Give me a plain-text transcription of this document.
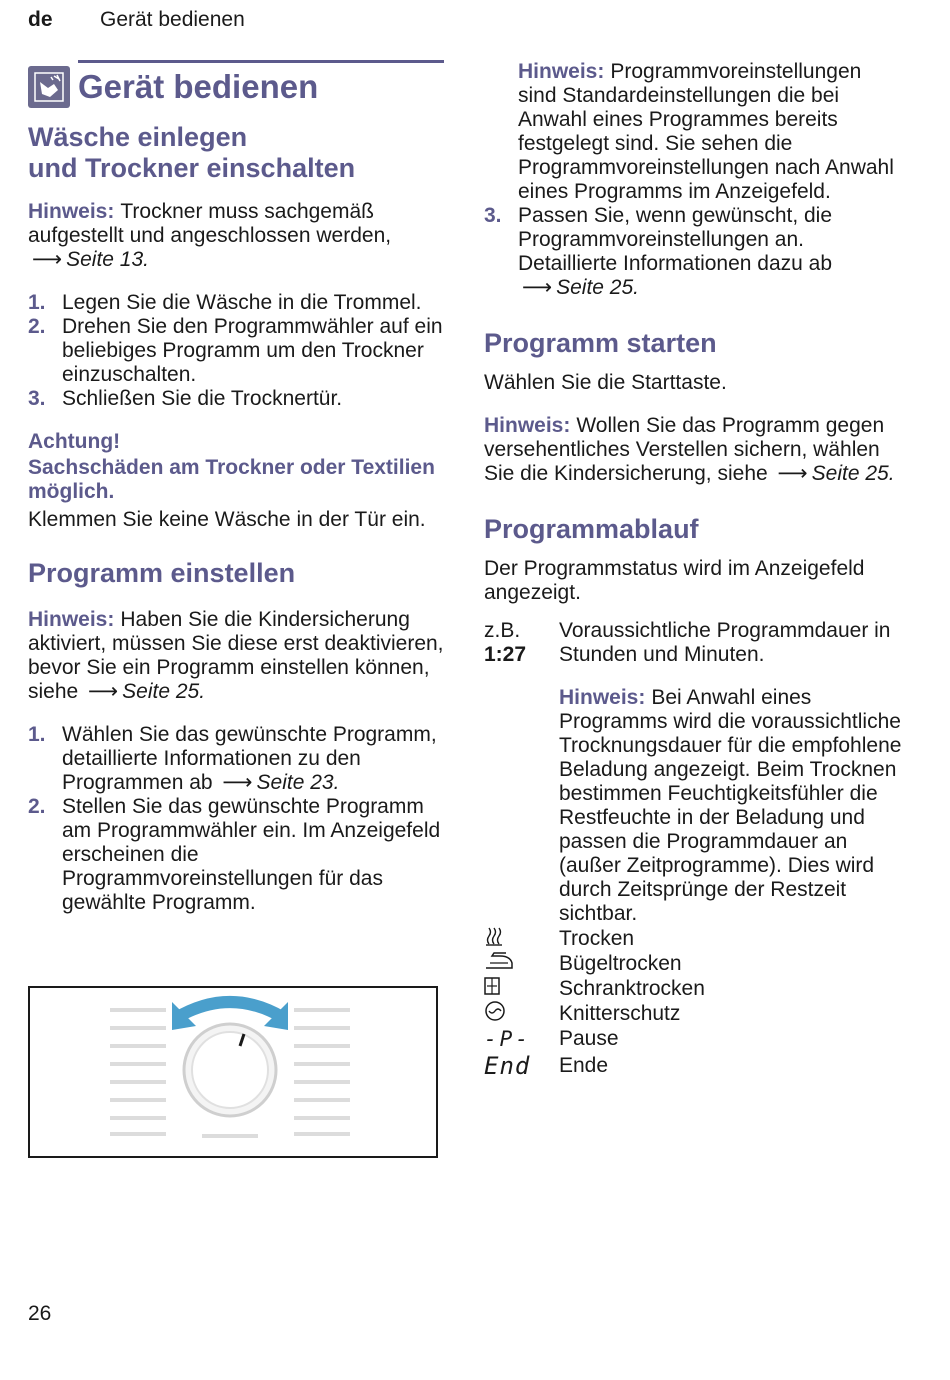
de Gerät bedienen
Gerät bedienen
Wäsche einlegen
und Trockner einschalten

Hinweis: Trockner muss sachgemäß aufgestellt und angeschlossen werden,
⟶ Seite 13.

1. Legen Sie die Wäsche in die Trommel.
2. Drehen Sie den Programmwähler auf ein beliebiges Programm um den Trockner einzuschalten.
3. Schließen Sie die Trocknertür.
Achtung!
Sachschäden am Trockner oder Textilien möglich.

Klemmen Sie keine Wäsche in der Tür ein.

Programm einstellen

Hinweis: Haben Sie die Kindersicherung aktiviert, müssen Sie diese erst deaktivieren, bevor Sie ein Programm einstellen können, siehe ⟶ Seite 25.

1. Wählen Sie das gewünschte Programm, detaillierte Informationen zu den Programmen ab ⟶ Seite 23.
2. Stellen Sie das gewünschte Programm am Programmwähler ein. Im Anzeigefeld erscheinen die Programmvoreinstellungen für das gewählte Programm.

Hinweis: Programmvoreinstellungen sind Standardeinstellungen die bei Anwahl eines Programmes bereits festgelegt sind. Sie sehen die Programmvoreinstellungen nach Anwahl eines Programms im Anzeigefeld.

3. Passen Sie, wenn gewünscht, die Programmvoreinstellungen an. Detaillierte Informationen dazu ab
⟶ Seite 25.
Programm starten

Wählen Sie die Starttaste.

Hinweis: Wollen Sie das Programm gegen versehentliches Verstellen sichern, wählen Sie die Kindersicherung, siehe ⟶ Seite 25.

Programmablauf

Der Programmstatus wird im Anzeigefeld angezeigt.

z.B.
1:27
Voraussichtliche Programmdauer in Stunden und Minuten.

Hinweis: Bei Anwahl eines Programms wird die voraussichtliche Trocknungsdauer für die empfohlene Beladung angezeigt. Beim Trocknen bestimmen Feuchtigkeitsfühler die Restfeuchte in der Beladung und passen die Programmdauer an (außer Zeitprogramme). Dies wird durch Zeitsprünge der Restzeit sichtbar.

Trocken
Bügeltrocken
Schranktrocken
Knitterschutz
-P-	Pause
End	Ende
26
